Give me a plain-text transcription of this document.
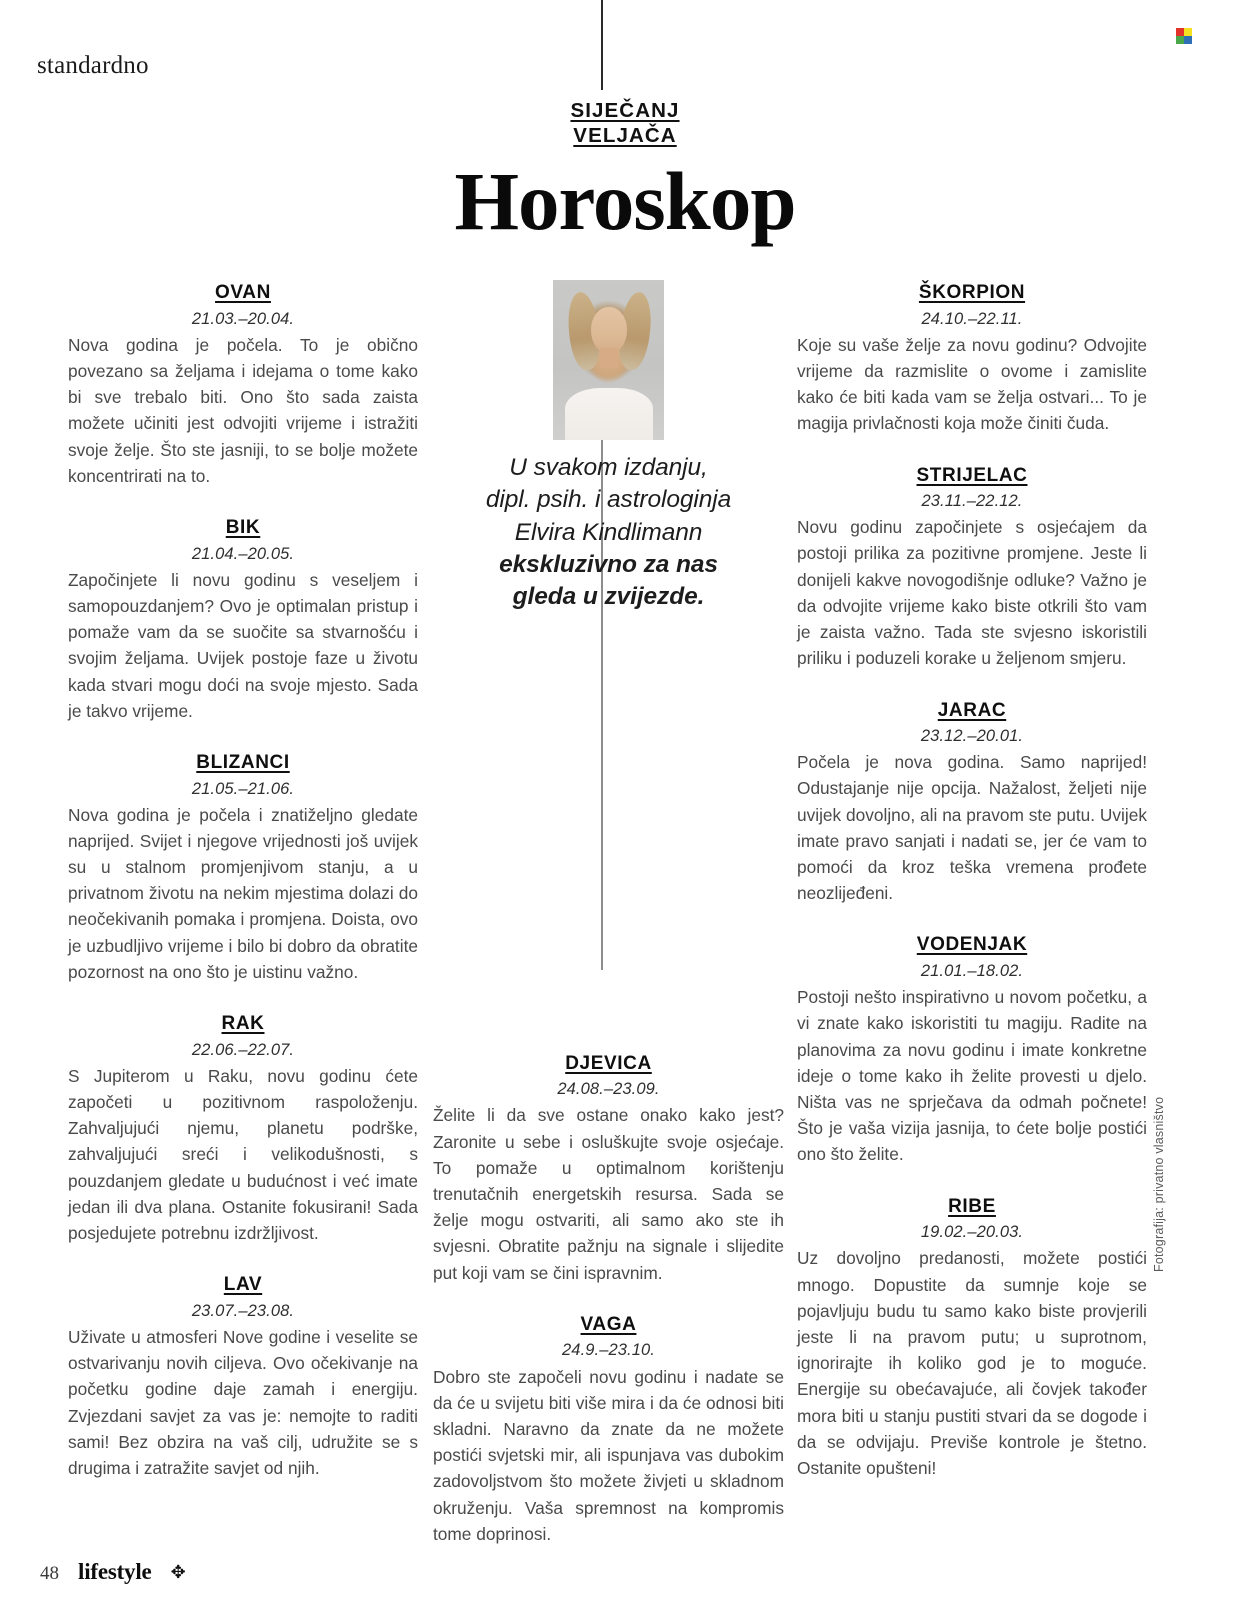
standardno
SIJEČANJ
VELJAČA
Horoskop
OVAN
21.03.–20.04.
Nova godina je počela. To je obično povezano sa željama i idejama o tome kako bi sve trebalo biti. Ono što sada zaista možete učiniti jest odvojiti vrijeme i istražiti svoje želje. Što ste jasniji, to se bolje možete koncentrirati na to.
BIK
21.04.–20.05.
Započinjete li novu godinu s veseljem i samopouzdanjem? Ovo je optimalan pristup i pomaže vam da se suočite sa stvarnošću i svojim željama. Uvijek postoje faze u životu kada stvari mogu doći na svoje mjesto. Sada je takvo vrijeme.
BLIZANCI
21.05.–21.06.
Nova godina je počela i znatiželjno gledate naprijed. Svijet i njegove vrijednosti još uvijek su u stalnom promjenjivom stanju, a u privatnom životu na nekim mjestima dolazi do neočekivanih pomaka i promjena. Doista, ovo je uzbudljivo vrijeme i bilo bi dobro da obratite pozornost na ono što je uistinu važno.
RAK
22.06.–22.07.
S Jupiterom u Raku, novu godinu ćete započeti u pozitivnom raspoloženju. Zahvaljujući njemu, planetu podrške, zahvaljujući sreći i velikodušnosti, s pouzdanjem gledate u budućnost i već imate jedan ili dva plana. Ostanite fokusirani! Sada posjedujete potrebnu izdržljivost.
LAV
23.07.–23.08.
Uživate u atmosferi Nove godine i veselite se ostvarivanju novih ciljeva. Ovo očekivanje na početku godine daje zamah i energiju. Zvjezdani savjet za vas je: nemojte to raditi sami! Bez obzira na vaš cilj, udružite se s drugima i zatražite savjet od njih.
U svakom izdanju,
dipl. psih. i astrologinja
Elvira Kindlimann
ekskluzivno za nas
gleda u zvijezde.
DJEVICA
24.08.–23.09.
Želite li da sve ostane onako kako jest? Zaronite u sebe i osluškujte svoje osjećaje. To pomaže u optimalnom korištenju trenutačnih energetskih resursa. Sada se želje mogu ostvariti, ali samo ako ste ih svjesni. Obratite pažnju na signale i slijedite put koji vam se čini ispravnim.
VAGA
24.9.–23.10.
Dobro ste započeli novu godinu i nadate se da će u svijetu biti više mira i da će odnosi biti skladni. Naravno da znate da ne možete postići svjetski mir, ali ispunjava vas dubokim zadovoljstvom što možete živjeti u skladnom okruženju. Vaša spremnost na kompromis tome doprinosi.
ŠKORPION
24.10.–22.11.
Koje su vaše želje za novu godinu? Odvojite vrijeme da razmislite o ovome i zamislite kako će biti kada vam se želja ostvari... To je magija privlačnosti koja može činiti čuda.
STRIJELAC
23.11.–22.12.
Novu godinu započinjete s osjećajem da postoji prilika za pozitivne promjene. Jeste li donijeli kakve novogodišnje odluke? Važno je da odvojite vrijeme kako biste otkrili što vam je zaista važno. Tada ste svjesno iskoristili priliku i poduzeli korake u željenom smjeru.
JARAC
23.12.–20.01.
Počela je nova godina. Samo naprijed! Odustajanje nije opcija. Nažalost, željeti nije uvijek dovoljno, ali na pravom ste putu. Uvijek imate pravo sanjati i nadati se, jer će vam to pomoći da kroz teška vremena prođete neozlijeđeni.
VODENJAK
21.01.–18.02.
Postoji nešto inspirativno u novom početku, a vi znate kako iskoristiti tu magiju. Radite na planovima za novu godinu i imate konkretne ideje o tome kako ih želite provesti u djelo. Ništa vas ne sprječava da odmah počnete! Što je vaša vizija jasnija, to ćete bolje postići ono što želite.
RIBE
19.02.–20.03.
Uz dovoljno predanosti, možete postići mnogo. Dopustite da sumnje koje se pojavljuju budu tu samo kako biste provjerili jeste li na pravom putu; u suprotnom, ignorirajte ih koliko god je to moguće. Energije su obećavajuće, ali čovjek također mora biti u stanju pustiti stvari da se dogode i da se odvijaju. Previše kontrole je štetno. Ostanite opušteni!
Fotografija: privatno vlasništvo
48 lifestyle ✥
